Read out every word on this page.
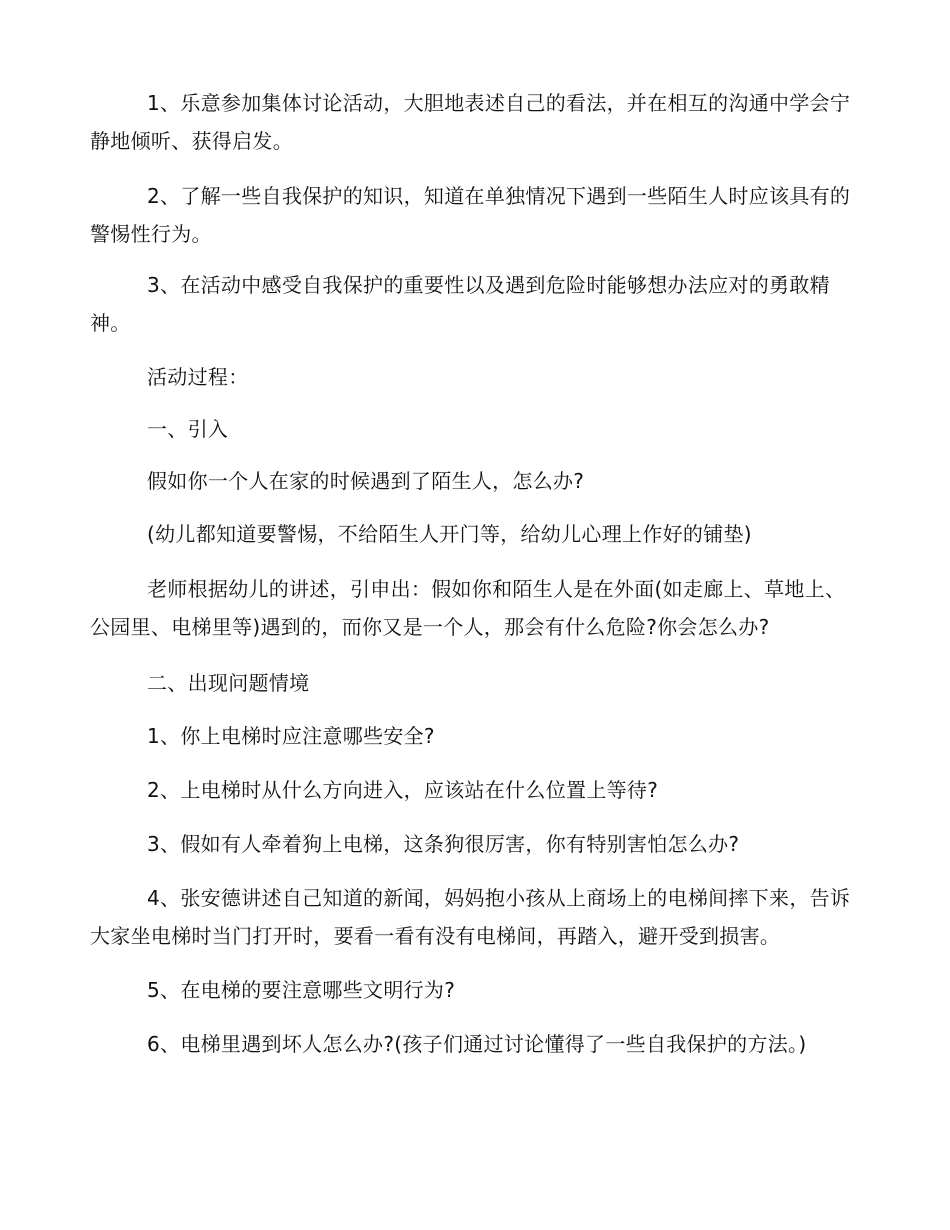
1、乐意参加集体讨论活动，大胆地表述自己的看法，并在相互的沟通中学会宁静地倾听、获得启发。

2、了解一些自我保护的知识，知道在单独情况下遇到一些陌生人时应该具有的警惕性行为。

3、在活动中感受自我保护的重要性以及遇到危险时能够想办法应对的勇敢精神。

活动过程：

一、引入

假如你一个人在家的时候遇到了陌生人，怎么办?

(幼儿都知道要警惕，不给陌生人开门等，给幼儿心理上作好的铺垫)

老师根据幼儿的讲述，引申出：假如你和陌生人是在外面(如走廊上、草地上、公园里、电梯里等)遇到的，而你又是一个人，那会有什么危险?你会怎么办?

二、出现问题情境

1、你上电梯时应注意哪些安全?

2、上电梯时从什么方向进入，应该站在什么位置上等待?

3、假如有人牵着狗上电梯，这条狗很厉害，你有特别害怕怎么办?

4、张安德讲述自己知道的新闻，妈妈抱小孩从上商场上的电梯间摔下来，告诉大家坐电梯时当门打开时，要看一看有没有电梯间，再踏入，避开受到损害。

5、在电梯的要注意哪些文明行为?

6、电梯里遇到坏人怎么办?(孩子们通过讨论懂得了一些自我保护的方法。)
